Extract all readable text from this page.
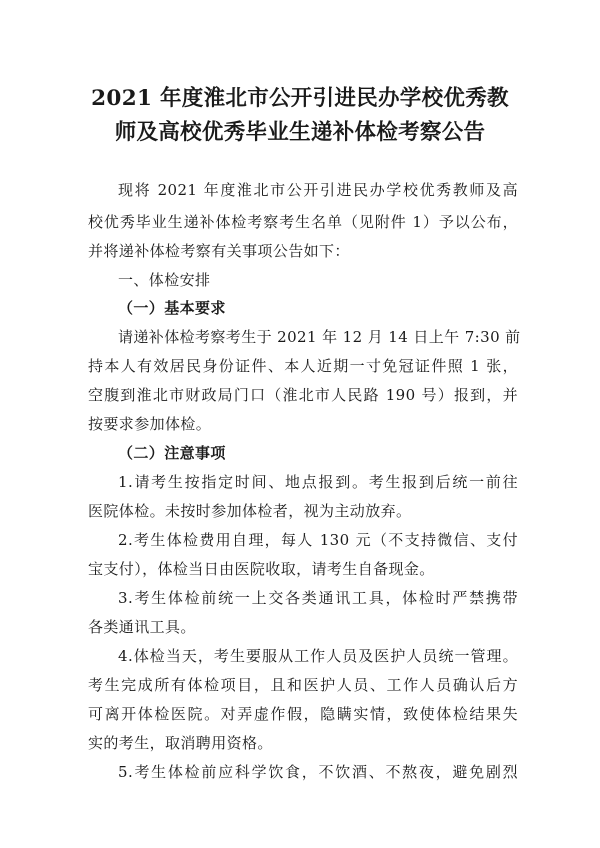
2021 年度淮北市公开引进民办学校优秀教
师及高校优秀毕业生递补体检考察公告
现将 2021 年度淮北市公开引进民办学校优秀教师及高
校优秀毕业生递补体检考察考生名单（见附件 1）予以公布，
并将递补体检考察有关事项公告如下：
一、体检安排
（一）基本要求
请递补体检考察考生于 2021 年 12 月 14 日上午 7:30 前
持本人有效居民身份证件、本人近期一寸免冠证件照 1 张，
空腹到淮北市财政局门口（淮北市人民路 190 号）报到，并
按要求参加体检。
（二）注意事项
1.请考生按指定时间、地点报到。考生报到后统一前往
医院体检。未按时参加体检者，视为主动放弃。
2.考生体检费用自理，每人 130 元（不支持微信、支付
宝支付），体检当日由医院收取，请考生自备现金。
3.考生体检前统一上交各类通讯工具，体检时严禁携带
各类通讯工具。
4.体检当天，考生要服从工作人员及医护人员统一管理。
考生完成所有体检项目，且和医护人员、工作人员确认后方
可离开体检医院。对弄虚作假，隐瞒实情，致使体检结果失
实的考生，取消聘用资格。
5.考生体检前应科学饮食，不饮酒、不熬夜，避免剧烈
